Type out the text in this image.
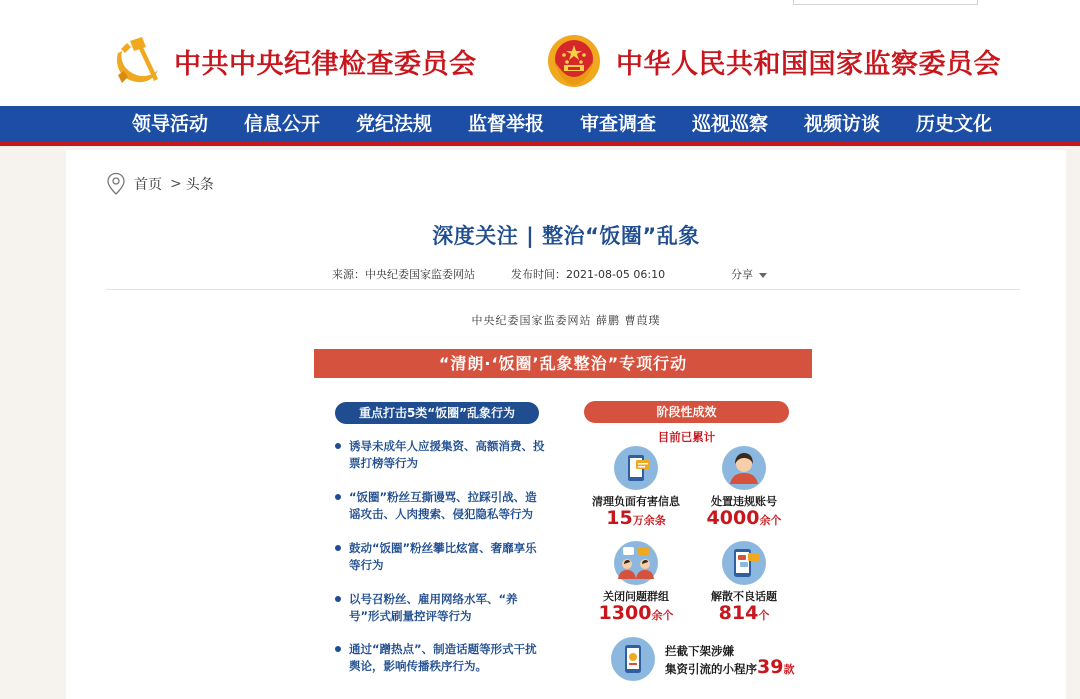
中共中央纪律检查委员会	中华人民共和国国家监察委员会
领导活动	信息公开	党纪法规	监督举报	审查调查	巡视巡察	视频访谈	历史文化
首页 > 头条
深度关注 | 整治“饭圈”乱象
来源：中央纪委国家监委网站	发布时间：2021-08-05 06:10	分享
中央纪委国家监委网站 薛鹏 曹葭璞
“清朗·‘饭圈’乱象整治”专项行动
重点打击5类“饭圈”乱象行为
诱导未成年人应援集资、高额消费、投票打榜等行为
“饭圈”粉丝互撕谩骂、拉踩引战、造谣攻击、人肉搜索、侵犯隐私等行为
鼓动“饭圈”粉丝攀比炫富、奢靡享乐等行为
以号召粉丝、雇用网络水军、“养号”形式刷量控评等行为
通过“蹭热点”、制造话题等形式干扰舆论，影响传播秩序行为。
阶段性成效
目前已累计
清理负面有害信息
15万余条
处置违规账号
4000余个
关闭问题群组
1300余个
解散不良话题
814个
拦截下架涉嫌
集资引流的小程序39款
